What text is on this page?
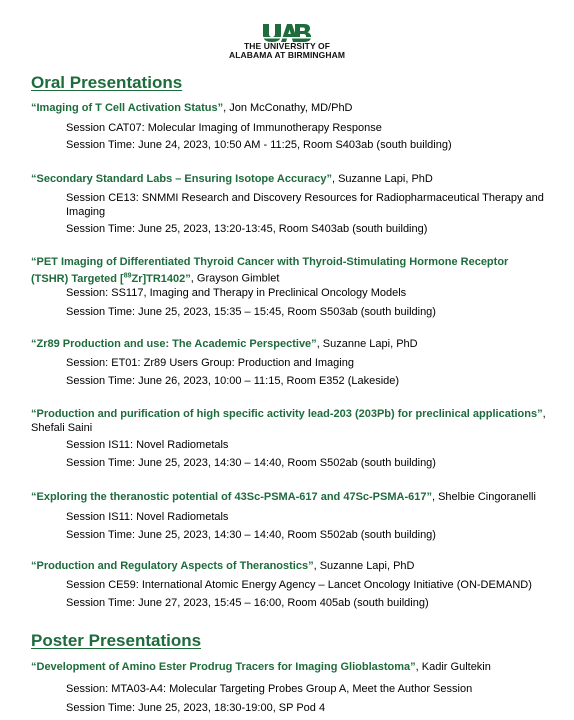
THE UNIVERSITY OF
ALABAMA AT BIRMINGHAM
Oral Presentations
“Imaging of T Cell Activation Status”, Jon McConathy, MD/PhD
Session CAT07: Molecular Imaging of Immunotherapy Response
Session Time: June 24, 2023, 10:50 AM - 11:25, Room S403ab (south building)
“Secondary Standard Labs – Ensuring Isotope Accuracy”, Suzanne Lapi, PhD
Session CE13: SNMMI Research and Discovery Resources for Radiopharmaceutical Therapy and Imaging
Session Time: June 25, 2023, 13:20-13:45, Room S403ab (south building)
“PET Imaging of Differentiated Thyroid Cancer with Thyroid-Stimulating Hormone Receptor (TSHR) Targeted [$^{89}$Zr]TR1402”, Grayson Gimblet
Session: SS117, Imaging and Therapy in Preclinical Oncology Models
Session Time: June 25, 2023, 15:35 – 15:45, Room S503ab (south building)
“Zr89 Production and use: The Academic Perspective”, Suzanne Lapi, PhD
Session: ET01: Zr89 Users Group: Production and Imaging
Session Time: June 26, 2023, 10:00 – 11:15, Room E352 (Lakeside)
“Production and purification of high specific activity lead-203 (203Pb) for preclinical applications”, Shefali Saini
Session IS11: Novel Radiometals
Session Time: June 25, 2023, 14:30 – 14:40, Room S502ab (south building)
“Exploring the theranostic potential of 43Sc-PSMA-617 and 47Sc-PSMA-617”, Shelbie Cingoranelli
Session IS11: Novel Radiometals
Session Time: June 25, 2023, 14:30 – 14:40, Room S502ab (south building)
“Production and Regulatory Aspects of Theranostics”, Suzanne Lapi, PhD
Session CE59: International Atomic Energy Agency – Lancet Oncology Initiative (ON-DEMAND)
Session Time: June 27, 2023, 15:45 – 16:00, Room 405ab (south building)
Poster Presentations
“Development of Amino Ester Prodrug Tracers for Imaging Glioblastoma”, Kadir Gultekin
Session: MTA03-A4: Molecular Targeting Probes Group A, Meet the Author Session
Session Time: June 25, 2023, 18:30-19:00, SP Pod 4
